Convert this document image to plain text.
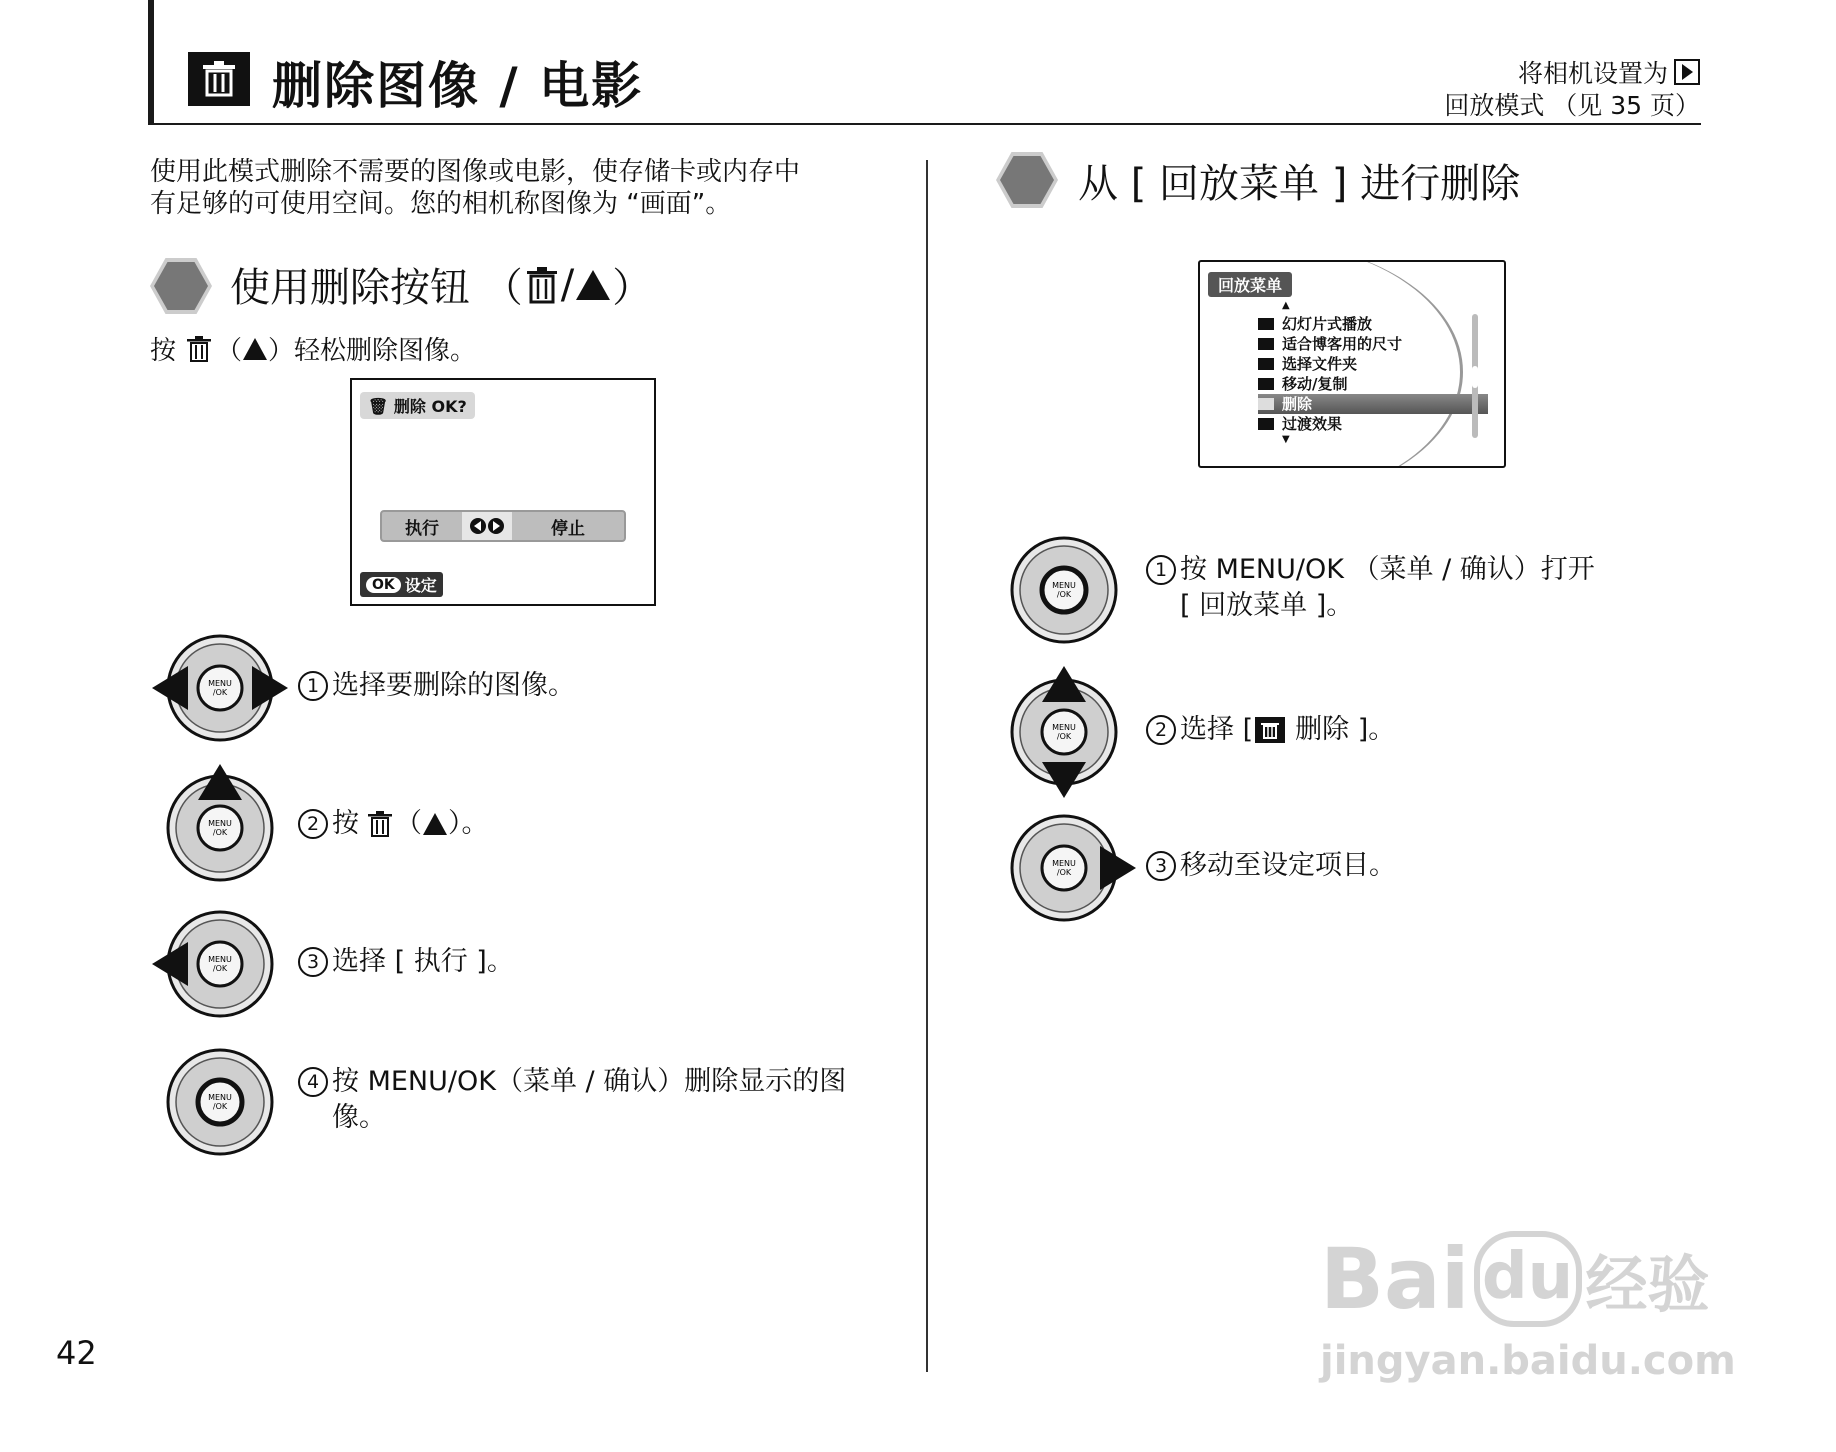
删除图像 / 电影	将相机设置为
回放模式 （见 35 页）
使用此模式删除不需要的图像或电影，使存储卡或内存中
有足够的可使用空间。您的相机称图像为 “画面”。
使用删除按钮 （ / ）
按 （ ） 轻松删除图像。
🗑 删除 OK?
执行	停止
OK 设定
MENU
/OK	1 选择要删除的图像。
MENU
/OK	2 按 （ ）。
MENU
/OK	3 选择 [ 执行 ]。
MENU
/OK
4 按 MENU/OK（菜单 / 确认）删除显示的图
像。
从 [ 回放菜单 ] 进行删除
回放菜单
▲
幻灯片式播放
适合博客用的尺寸
选择文件夹
移动/复制
删除
过渡效果
▼
MENU
/OK
1 按 MENU/OK （菜单 / 确认）打开
[ 回放菜单 ]。
MENU
/OK	2 选择 [ 删除 ]。
MENU
/OK	3 移动至设定项目。
42
Bai du 经验
jingyan.baidu.com
